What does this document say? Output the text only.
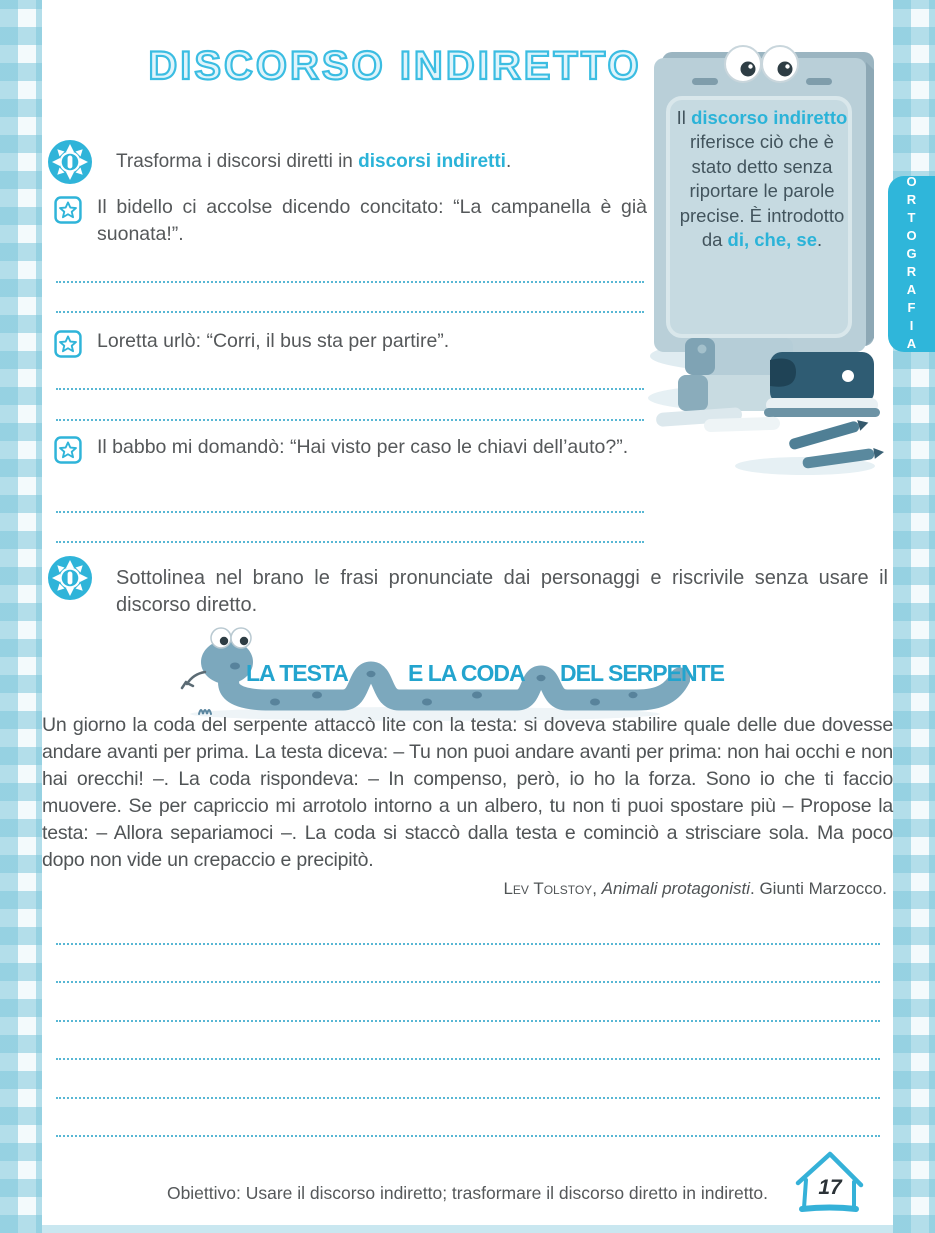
DISCORSO INDIRETTO
Trasforma i discorsi diretti in discorsi indiretti.
Il bidello ci accolse dicendo concitato: “La campanella è già suonata!”.
Loretta urlò: “Corri, il bus sta per partire”.
Il babbo mi domandò: “Hai visto per caso le chiavi dell’auto?”.
Il discorso indiretto riferisce ciò che è stato detto senza riportare le parole precise. È introdotto da di, che, se.	ORTOGRAFIA
Sottolinea nel brano le frasi pronunciate dai personaggi e riscrivile senza usare il discorso diretto.
LA TESTA	E LA CODA DEL SERPENTE
Un giorno la coda del serpente attaccò lite con la testa: si doveva stabilire quale delle due dovesse andare avanti per prima. La testa diceva: – Tu non puoi andare avanti per prima: non hai occhi e non hai orecchi! –. La coda rispondeva: – In compenso, però, io ho la forza. Sono io che ti faccio muovere. Se per capriccio mi arrotolo intorno a un albero, tu non ti puoi spostare più – Propose la testa: – Allora separiamoci –. La coda si staccò dalla testa e cominciò a strisciare sola. Ma poco dopo non vide un crepaccio e precipitò.
Lev Tolstoy, Animali protagonisti. Giunti Marzocco.
Obiettivo: Usare il discorso indiretto; trasformare il discorso diretto in indiretto.	17
